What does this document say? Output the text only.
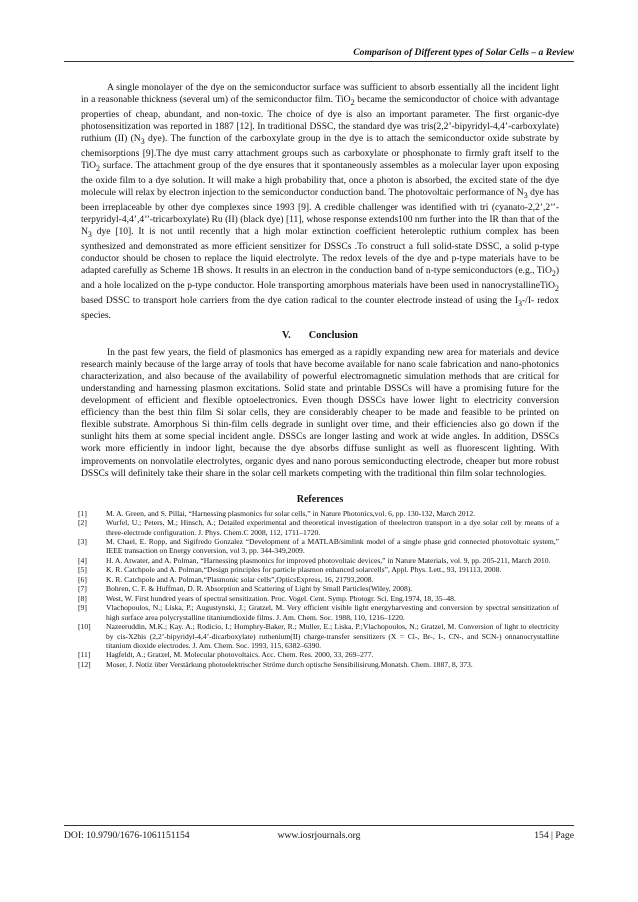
Comparison of Different types of Solar Cells – a Review

A single monolayer of the dye on the semiconductor surface was sufficient to absorb essentially all the incident light in a reasonable thickness (several um) of the semiconductor film. TiO$_2$ became the semiconductor of choice with advantage properties of cheap, abundant, and non-toxic. The choice of dye is also an important parameter. The first organic-dye photosensitization was reported in 1887 [12]. In traditional DSSC, the standard dye was tris(2,2’-bipyridyl-4,4’-carboxylate) ruthium (II) ($N_3$ dye). The function of the carboxylate group in the dye is to attach the semiconductor oxide substrate by chemisorptions [9].The dye must carry attachment groups such as carboxylate or phosphonate to firmly graft itself to the TiO$_2$ surface. The attachment group of the dye ensures that it spontaneously assembles as a molecular layer upon exposing the oxide film to a dye solution. It will make a high probability that, once a photon is absorbed, the excited state of the dye molecule will relax by electron injection to the semiconductor conduction band. The photovoltaic performance of $N_3$ dye has been irreplaceable by other dye complexes since 1993 [9]. A credible challenger was identified with tri (cyanato-2,2’,2’’-terpyridyl-4,4’,4’’-tricarboxylate) Ru (II) (black dye) [11], whose response extends100 nm further into the IR than that of the $N_3$ dye [10]. It is not until recently that a high molar extinction coefficient heteroleptic ruthium complex has been synthesized and demonstrated as more efficient sensitizer for DSSCs .To construct a full solid-state DSSC, a solid p-type conductor should be chosen to replace the liquid electrolyte. The redox levels of the dye and p-type materials have to be adapted carefully as Scheme 1B shows. It results in an electron in the conduction band of n-type semiconductors (e.g., TiO$_2$) and a hole localized on the p-type conductor. Hole transporting amorphous materials have been used in nanocrystallineTiO$_2$ based DSSC to transport hole carriers from the dye cation radical to the counter electrode instead of using the $I_3-/I-$ redox species.

V. Conclusion

In the past few years, the field of plasmonics has emerged as a rapidly expanding new area for materials and device research mainly because of the large array of tools that have become available for nano scale fabrication and nano-photonics characterization, and also because of the availability of powerful electromagnetic simulation methods that are critical for understanding and harnessing plasmon excitations. Solid state and printable DSSCs will have a promising future for the development of efficient and flexible optoelectronics. Even though DSSCs have lower light to electricity conversion efficiency than the best thin film Si solar cells, they are considerably cheaper to be made and feasible to be printed on flexible substrate. Amorphous Si thin-film cells degrade in sunlight over time, and their efficiencies also go down if the sunlight hits them at some special incident angle. DSSCs are longer lasting and work at wide angles. In addition, DSSCs work more efficiently in indoor light, because the dye absorbs diffuse sunlight as well as fluorescent lighting. With improvements on nonvolatile electrolytes, organic dyes and nano porous semiconducting electrode, cheaper but more robust DSSCs will definitely take their share in the solar cell markets competing with the traditional thin film solar technologies.

References
[1]	M. A. Green, and S. Pillai, “Harnessing plasmonics for solar cells,” in Nature Photonics,vol. 6, pp. 130-132, March 2012.
[2]	Wurfel, U.; Peters, M.; Hinsch, A.; Detailed experimental and theoretical investigation of theelectron transport in a dye solar cell by means of a three-electrode configuration. J. Phys. Chem.C 2008, 112, 1711–1720.
[3]	M. Chael, E. Ropp, and Sigifredo Gonzalez “Development of a MATLAB/simlink model of a single phase grid connected photovoltaic system,” IEEE transaction on Energy conversion, vol 3, pp. 344-349,2009.
[4]	H. A. Atwater, and A. Polman, “Harnessing plasmonics for improved photovoltaic devices,” in Nature Materials, vol. 9, pp. 205-211, March 2010.
[5]	K. R. Catchpole and A. Polman,“Design principles for particle plasmon enhanced solarcells”, Appl. Phys. Lett., 93, 191113, 2008.
[6]	K. R. Catchpole and A. Polman,“Plasmonic solar cells”,OpticsExpress, 16, 21793,2008.
[7]	Bohren, C. F. & Huffman, D. R. Absorption and Scattering of Light by Small Particles(Wiley, 2008).
[8]	West, W. First hundred years of spectral sensitization. Proc. Vogel. Cent. Symp. Photogr. Sci. Eng.1974, 18, 35–48.
[9]	Vlachopoulos, N.; Liska, P.; Augustynski, J.; Gratzel, M. Very efficient visible light energyharvesting and conversion by spectral sensitization of high surface area polycrystalline titaniumdioxide films. J. Am. Chem. Soc. 1988, 110, 1216–1220.
[10]	Nazeeruddin, M.K.; Kay. A.; Rodicio, I.; Humphry-Baker, R.; Muller, E.; Liska, P.;Vlachopoulos, N.; Gratzel, M. Conversion of light to electricity by cis-X2bis (2,2’-bipyridyl-4,4’-dicarboxylate) ruthenium(II) charge-transfer sensitizers (X = Cl-, Br-, I-, CN-, and SCN-) onnanocrystalline titanium dioxide electrodes. J. Am. Chem. Soc. 1993, 115, 6382–6390.
[11]	Hagfeldt, A.; Gratzel, M. Molecular photovoltaics. Acc. Chem. Res. 2000, 33, 269–277.
[12]	Moser, J. Notiz über Verstärkung photoelektrischer Ströme durch optische Sensibilisirung.Monatsh. Chem. 1887, 8, 373.
DOI: 10.9790/1676-1061151154	www.iosrjournals.org	154 | Page
